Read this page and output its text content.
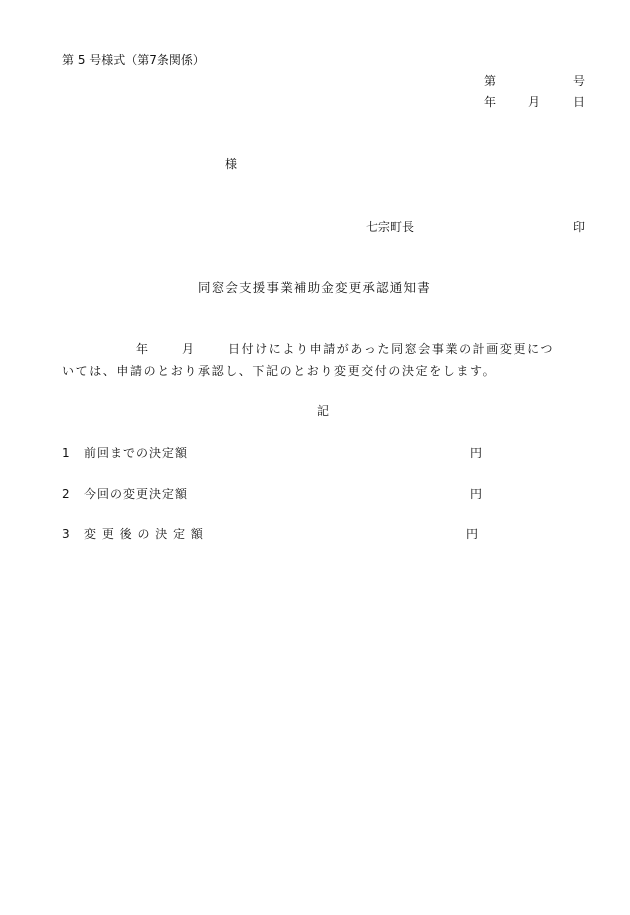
第 5 号様式（第7条関係）
第	号
年	月	日
様
七宗町長	印
同窓会支援事業補助金変更承認通知書
年	月	日付けにより申請があった同窓会事業の計画変更につ
いては、申請のとおり承認し、下記のとおり変更交付の決定をします。
記
1 前回までの決定額	円
2 今回の変更決定額	円
3 変 更 後 の 決 定 額	円
